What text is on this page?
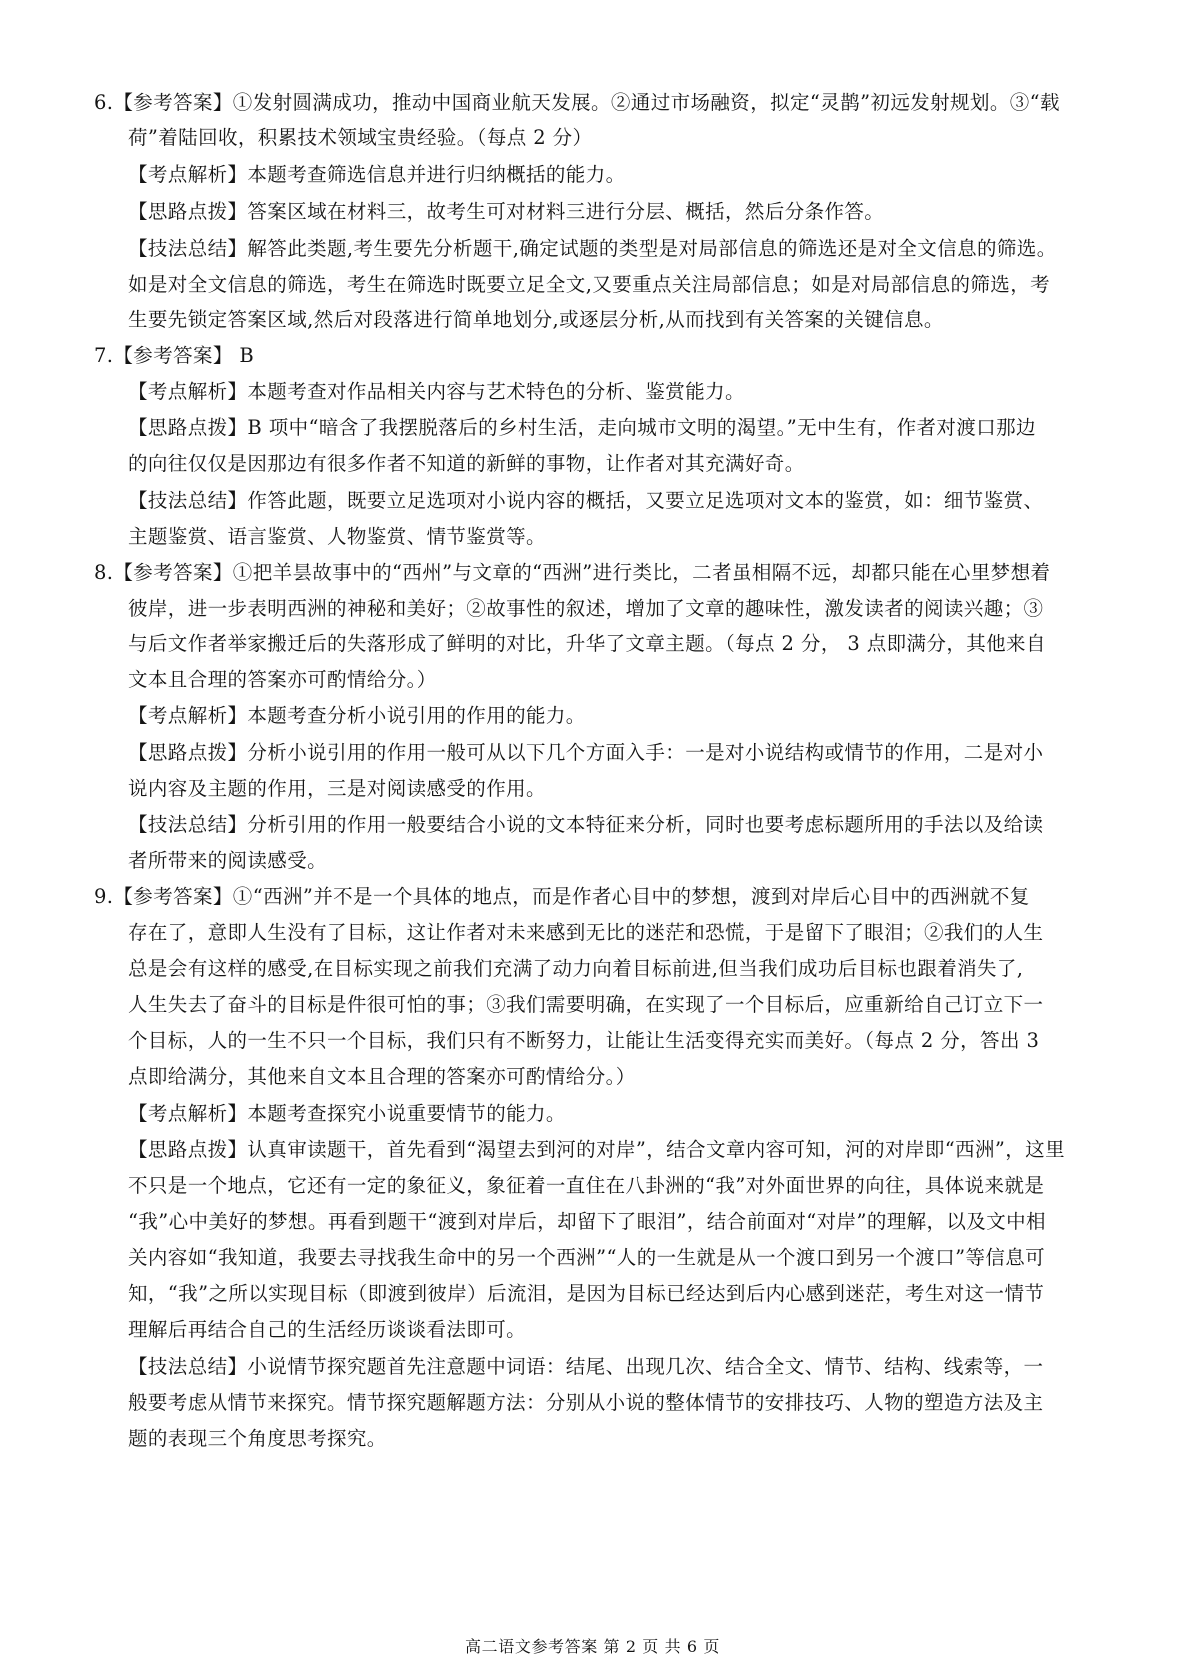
6.【参考答案】①发射圆满成功，推动中国商业航天发展。②通过市场融资，拟定“灵鹊”初远发射规划。③“载
荷”着陆回收，积累技术领域宝贵经验。（每点 2 分）
【考点解析】本题考查筛选信息并进行归纳概括的能力。
【思路点拨】答案区域在材料三，故考生可对材料三进行分层、概括，然后分条作答。
【技法总结】解答此类题,考生要先分析题干,确定试题的类型是对局部信息的筛选还是对全文信息的筛选。
如是对全文信息的筛选，考生在筛选时既要立足全文,又要重点关注局部信息；如是对局部信息的筛选，考
生要先锁定答案区域,然后对段落进行简单地划分,或逐层分析,从而找到有关答案的关键信息。
7.【参考答案】 B
【考点解析】本题考查对作品相关内容与艺术特色的分析、鉴赏能力。
【思路点拨】B 项中“暗含了我摆脱落后的乡村生活，走向城市文明的渴望。”无中生有，作者对渡口那边
的向往仅仅是因那边有很多作者不知道的新鲜的事物，让作者对其充满好奇。
【技法总结】作答此题，既要立足选项对小说内容的概括，又要立足选项对文本的鉴赏，如：细节鉴赏、
主题鉴赏、语言鉴赏、人物鉴赏、情节鉴赏等。
8.【参考答案】①把羊昙故事中的“西州”与文章的“西洲”进行类比，二者虽相隔不远，却都只能在心里梦想着
彼岸，进一步表明西洲的神秘和美好；②故事性的叙述，增加了文章的趣味性，激发读者的阅读兴趣；③
与后文作者举家搬迁后的失落形成了鲜明的对比，升华了文章主题。（每点 2 分， 3 点即满分，其他来自
文本且合理的答案亦可酌情给分。）
【考点解析】本题考查分析小说引用的作用的能力。
【思路点拨】分析小说引用的作用一般可从以下几个方面入手：一是对小说结构或情节的作用，二是对小
说内容及主题的作用，三是对阅读感受的作用。
【技法总结】分析引用的作用一般要结合小说的文本特征来分析，同时也要考虑标题所用的手法以及给读
者所带来的阅读感受。
9.【参考答案】①“西洲”并不是一个具体的地点，而是作者心目中的梦想，渡到对岸后心目中的西洲就不复
存在了，意即人生没有了目标，这让作者对未来感到无比的迷茫和恐慌，于是留下了眼泪；②我们的人生
总是会有这样的感受,在目标实现之前我们充满了动力向着目标前进,但当我们成功后目标也跟着消失了,
人生失去了奋斗的目标是件很可怕的事；③我们需要明确，在实现了一个目标后，应重新给自己订立下一
个目标，人的一生不只一个目标，我们只有不断努力，让能让生活变得充实而美好。（每点 2 分，答出 3
点即给满分，其他来自文本且合理的答案亦可酌情给分。）
【考点解析】本题考查探究小说重要情节的能力。
【思路点拨】认真审读题干，首先看到“渴望去到河的对岸”，结合文章内容可知，河的对岸即“西洲”，这里
不只是一个地点，它还有一定的象征义，象征着一直住在八卦洲的“我”对外面世界的向往，具体说来就是
“我”心中美好的梦想。再看到题干“渡到对岸后，却留下了眼泪”，结合前面对“对岸”的理解，以及文中相
关内容如“我知道，我要去寻找我生命中的另一个西洲”“人的一生就是从一个渡口到另一个渡口”等信息可
知，“我”之所以实现目标（即渡到彼岸）后流泪，是因为目标已经达到后内心感到迷茫，考生对这一情节
理解后再结合自己的生活经历谈谈看法即可。
【技法总结】小说情节探究题首先注意题中词语：结尾、出现几次、结合全文、情节、结构、线索等，一
般要考虑从情节来探究。情节探究题解题方法：分别从小说的整体情节的安排技巧、人物的塑造方法及主
题的表现三个角度思考探究。
高二语文参考答案 第 2 页 共 6 页
